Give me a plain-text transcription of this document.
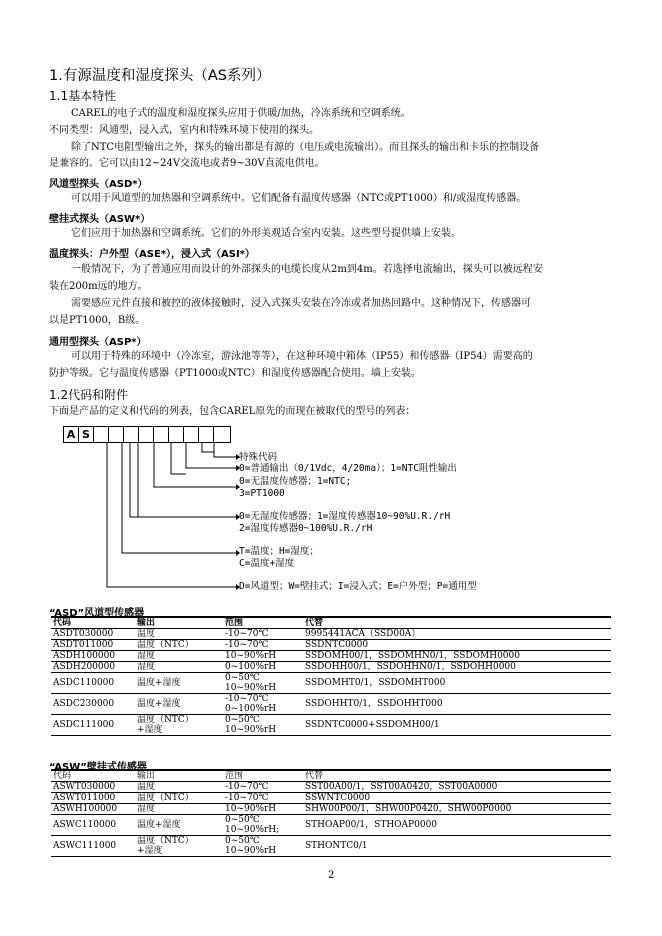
1.有源温度和湿度探头（AS系列）
1.1基本特性
CAREL的电子式的温度和湿度探头应用于供暖/加热，冷冻系统和空调系统。
不同类型：风通型，浸入式，室内和特殊环境下使用的探头。
除了NTC电阻型输出之外，探头的输出都是有源的（电压或电流输出）。而且探头的输出和卡乐的控制设备
是兼容的。它可以由12~24V交流电或者9~30V直流电供电。
风道型探头（ASD*）
可以用于风道型的加热器和空调系统中。它们配备有温度传感器（NTC或PT1000）和/或湿度传感器。
壁挂式探头（ASW*）
它们应用于加热器和空调系统。它们的外形美观适合室内安装。这些型号提供墙上安装。
温度探头：户外型（ASE*），浸入式（ASI*）
一般情况下，为了普通应用而设计的外部探头的电缆长度从2m到4m。若选择电流输出，探头可以被远程安
装在200m远的地方。
需要感应元件直接和被控的液体接触时，浸入式探头安装在冷冻或者加热回路中。这种情况下，传感器可
以是PT1000，B级。
通用型探头（ASP*）
可以用于特殊的环境中（冷冻室，游泳池等等），在这种环境中箱体（IP55）和传感器（IP54）需要高的
防护等级。它与温度传感器（PT1000或NTC）和湿度传感器配合使用。墙上安装。
1.2代码和附件
下面是产品的定义和代码的列表，包含CAREL原先的而现在被取代的型号的列表：
A S
特殊代码
0=普通输出（0/1Vdc，4/20ma）；1=NTC阻性输出
0=无温度传感器；1=NTC;
3=PT1000
0=无湿度传感器；1=湿度传感器10~90%U.R./rH
2=湿度传感器0~100%U.R./rH
T=温度；H=湿度；
C=温度+湿度
D=风道型；W=壁挂式；I=浸入式；E=户外型；P=通用型
“ASD”风道型传感器
代码	输出	范围	代替
ASDT030000	温度	-10~70℃	9995441ACA（SSD00A）
ASDT011000	温度（NTC）	-10~70℃	SSDNTC0000
ASDH100000	湿度	10~90%rH	SSDOMH00/1，SSDOMHN0/1，SSDOMH0000
ASDH200000	湿度	0~100%rH	SSDOHH00/1，SSDOHHN0/1，SSDOHH0000
ASDC110000	温度+湿度	0~50℃
10~90%rH	SSDOMHT0/1，SSDOMHT000
ASDC230000	温度+湿度	-10~70℃
0~100%rH	SSDOHHT0/1，SSDOHHT000
ASDC111000	温度（NTC）
+湿度	0~50℃
10~90%rH	SSDNTC0000+SSDOMH00/1
“ASW”壁挂式传感器
代码	输出	范围	代替
ASWT030000	温度	-10~70℃	SST00A00/1，SST00A0420，SST00A0000
ASWT011000	温度（NTC）	-10~70℃	SSWNTC0000
ASWH100000	湿度	10~90%rH	SHW00P00/1，SHW00P0420，SHW00P0000
ASWC110000	温度+湿度	0~50℃
10~90%rH;	STHOAP00/1，STHOAP0000
ASWC111000	温度（NTC）
+湿度	0~50℃
10~90%rH	STHONTC0/1
2
